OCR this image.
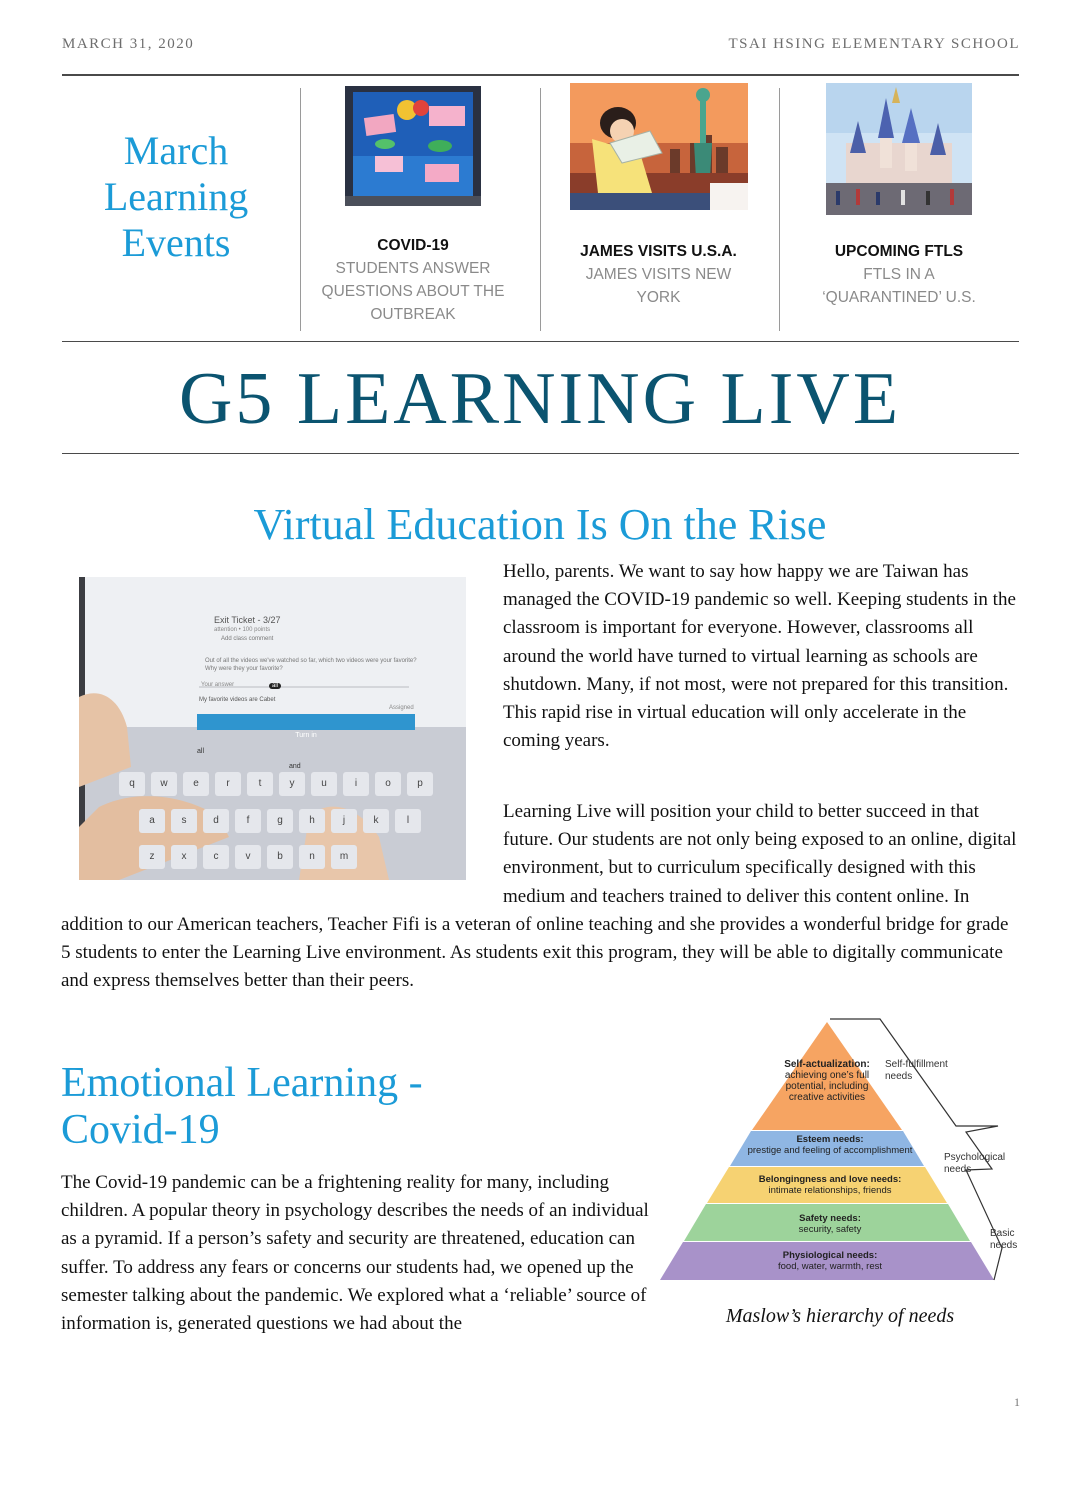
MARCH 31, 2020	TSAI HSING ELEMENTARY SCHOOL
March Learning Events	COVID-19
STUDENTS ANSWER QUESTIONS ABOUT THE OUTBREAK
JAMES VISITS U.S.A.
JAMES VISITS NEW YORK
UPCOMING FTLS
FTLS IN A ‘QUARANTINED’ U.S.
G5 LEARNING LIVE
Virtual Education Is On the Rise
Exit Ticket - 3/27
attention • 100 points
Add class comment
Out of all the videos we've watched so far, which two videos were your favorite? Why were they your favorite?
Your answer
My favorite videos are Cabet
Assigned
all
Turn in
all
and
q	w	e	r	t	y	u	i	o	p
a	s	d	f	g	h	j	k	l
z	x	c	v	b	n	m
Hello, parents. We want to say how happy we are Taiwan has managed the COVID-19 pandemic so well. Keeping students in the classroom is important for everyone. However, classrooms all around the world have turned to virtual learning as schools are shutdown. Many, if not most, were not prepared for this transition. This rapid rise in virtual education will only accelerate in the coming years.
Learning Live will position your child to better succeed in that future. Our students are not only being exposed to an online, digital environment, but to curriculum specifically designed with this medium and teachers trained to deliver this content online. In addition to our American teachers, Teacher Fifi is a veteran of online teaching and she provides a wonderful bridge for grade 5 students to enter the Learning Live environment. As students exit this program, they will be able to digitally communicate and express themselves better than their peers.
Emotional Learning - Covid-19
The Covid-19 pandemic can be a frightening reality for many, including children. A popular theory in psychology describes the needs of an individual as a pyramid. If a person’s safety and security are threatened, education can suffer. To address any fears or concerns our students had, we opened up the semester talking about the pandemic. We explored what a ‘reliable’ source of information is, generated questions we had about the
Self-actualization:
achieving one’s full potential, including creative activities
Esteem needs:
prestige and feeling of accomplishment
Belongingness and love needs:
intimate relationships, friends
Safety needs:
security, safety
Physiological needs:
food, water, warmth, rest
Self-fulfillment needs
Psychological needs
Basic needs
Maslow’s hierarchy of needs
1
